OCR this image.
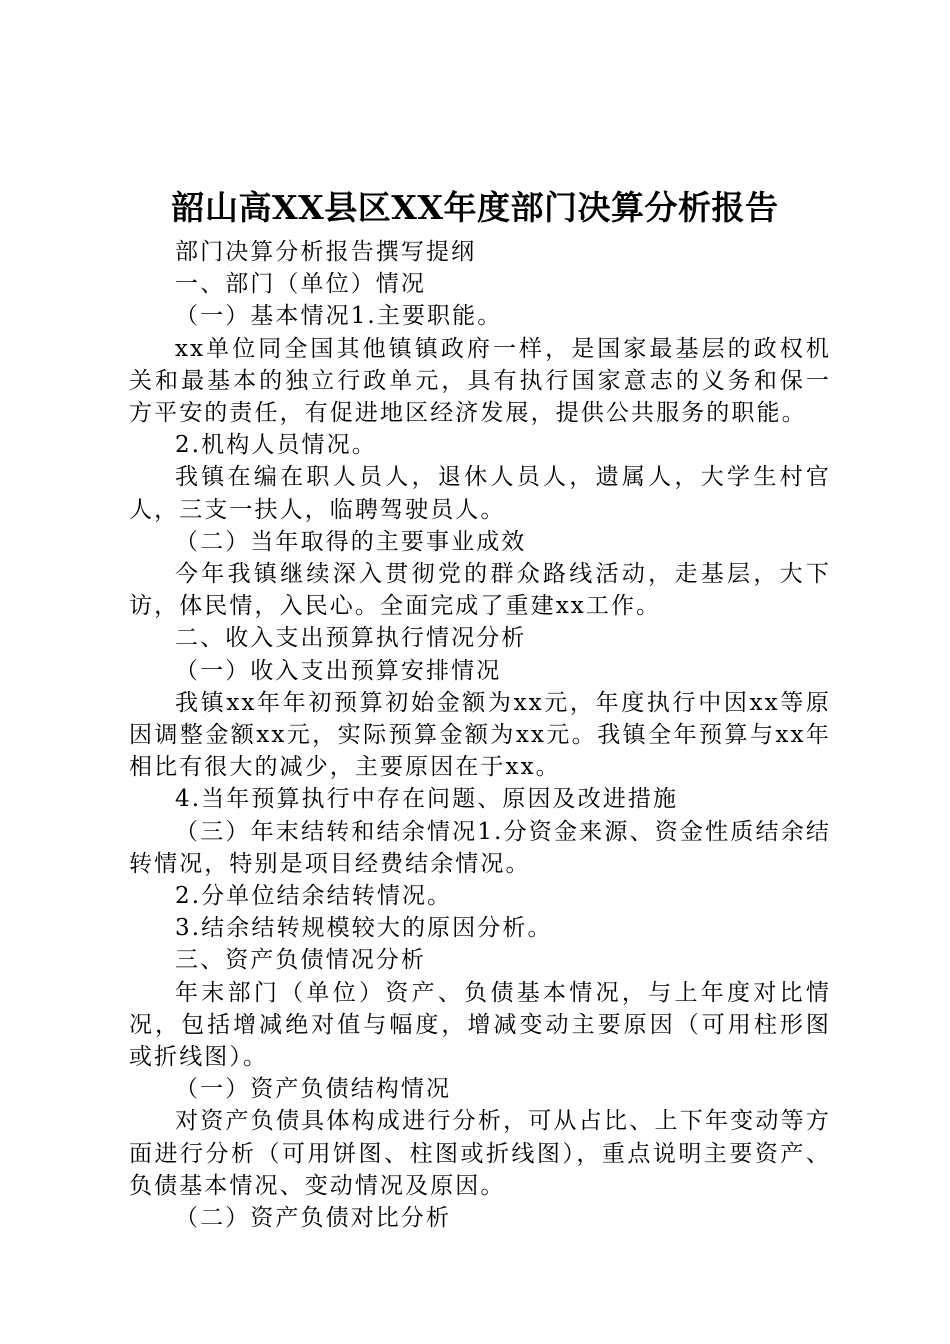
韶山高XX县区XX年度部门决算分析报告

部门决算分析报告撰写提纲

一、部门（单位）情况

（一）基本情况1.主要职能。

xx单位同全国其他镇镇政府一样，是国家最基层的政权机关和最基本的独立行政单元，具有执行国家意志的义务和保一方平安的责任，有促进地区经济发展，提供公共服务的职能。

2.机构人员情况。

我镇在编在职人员人，退休人员人，遗属人，大学生村官人，三支一扶人，临聘驾驶员人。

（二）当年取得的主要事业成效

今年我镇继续深入贯彻党的群众路线活动，走基层，大下访，体民情，入民心。全面完成了重建xx工作。

二、收入支出预算执行情况分析

（一）收入支出预算安排情况

我镇xx年年初预算初始金额为xx元，年度执行中因xx等原因调整金额xx元，实际预算金额为xx元。我镇全年预算与xx年相比有很大的减少，主要原因在于xx。

4.当年预算执行中存在问题、原因及改进措施

（三）年末结转和结余情况1.分资金来源、资金性质结余结转情况，特别是项目经费结余情况。

2.分单位结余结转情况。

3.结余结转规模较大的原因分析。

三、资产负债情况分析

年末部门（单位）资产、负债基本情况，与上年度对比情况，包括增减绝对值与幅度，增减变动主要原因（可用柱形图或折线图）。

（一）资产负债结构情况

对资产负债具体构成进行分析，可从占比、上下年变动等方面进行分析（可用饼图、柱图或折线图），重点说明主要资产、负债基本情况、变动情况及原因。

（二）资产负债对比分析
